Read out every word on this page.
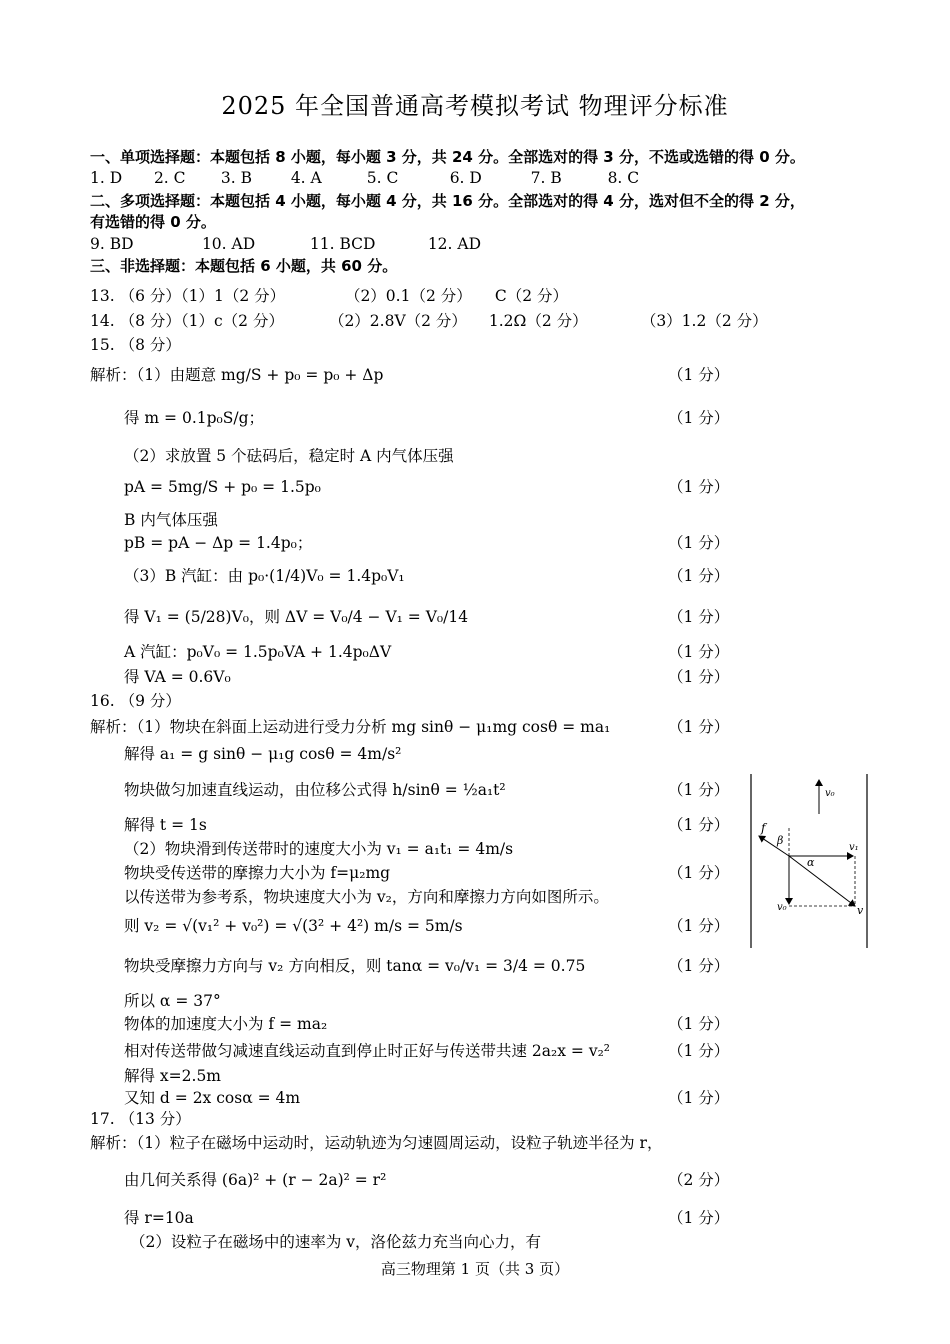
2025 年全国普通高考模拟考试 物理评分标准
一、单项选择题：本题包括 8 小题，每小题 3 分，共 24 分。全部选对的得 3 分，不选或选错的得 0 分。
1. D 2. C 3. B	4. A	5. C	6. D	7. B	8. C
二、多项选择题：本题包括 4 小题，每小题 4 分，共 16 分。全部选对的得 4 分，选对但不全的得 2 分，
有选错的得 0 分。
9. BD	10. AD	11. BCD	12. AD
三、非选择题：本题包括 6 小题，共 60 分。
13. （6 分）（1）1（2 分）	（2）0.1（2 分） C（2 分）
14. （8 分）（1）c（2 分）	（2）2.8V（2 分） 1.2Ω（2 分）	（3）1.2（2 分）
15. （8 分）
解析：（1）由题意 mg/S + p₀ = p₀ + Δp	（1 分）
得 m = 0.1p₀S/g；	（1 分）
（2）求放置 5 个砝码后，稳定时 A 内气体压强
pA = 5mg/S + p₀ = 1.5p₀	（1 分）
B 内气体压强
pB = pA − Δp = 1.4p₀；	（1 分）
（3）B 汽缸：由 p₀·(1/4)V₀ = 1.4p₀V₁	（1 分）
得 V₁ = (5/28)V₀，则 ΔV = V₀/4 − V₁ = V₀/14	（1 分）
A 汽缸：p₀V₀ = 1.5p₀VA + 1.4p₀ΔV	（1 分）
得 VA = 0.6V₀	（1 分）
16. （9 分）
解析：（1）物块在斜面上运动进行受力分析 mg sinθ − μ₁mg cosθ = ma₁	（1 分）
解得 a₁ = g sinθ − μ₁g cosθ = 4m/s²
物块做匀加速直线运动，由位移公式得 h/sinθ = ½a₁t²	（1 分）
解得 t = 1s	（1 分）
（2）物块滑到传送带时的速度大小为 v₁ = a₁t₁ = 4m/s
物块受传送带的摩擦力大小为 f=μ₂mg	（1 分）
以传送带为参考系，物块速度大小为 v₂，方向和摩擦力方向如图所示。
则 v₂ = √(v₁² + v₀²) = √(3² + 4²) m/s = 5m/s	（1 分）
物块受摩擦力方向与 v₂ 方向相反，则 tanα = v₀/v₁ = 3/4 = 0.75	（1 分）
所以 α = 37°
物体的加速度大小为 f = ma₂	（1 分）
相对传送带做匀减速直线运动直到停止时正好与传送带共速 2a₂x = v₂²	（1 分）
解得 x=2.5m
又知 d = 2x cosα = 4m	（1 分）
17. （13 分）
解析：（1）粒子在磁场中运动时，运动轨迹为匀速圆周运动，设粒子轨迹半径为 r，
由几何关系得 (6a)² + (r − 2a)² = r²	（2 分）
得 r=10a	（1 分）
（2）设粒子在磁场中的速率为 v，洛伦兹力充当向心力，有
v₀
f
β
v₁
α
v₀	v
高三物理第 1 页（共 3 页）
